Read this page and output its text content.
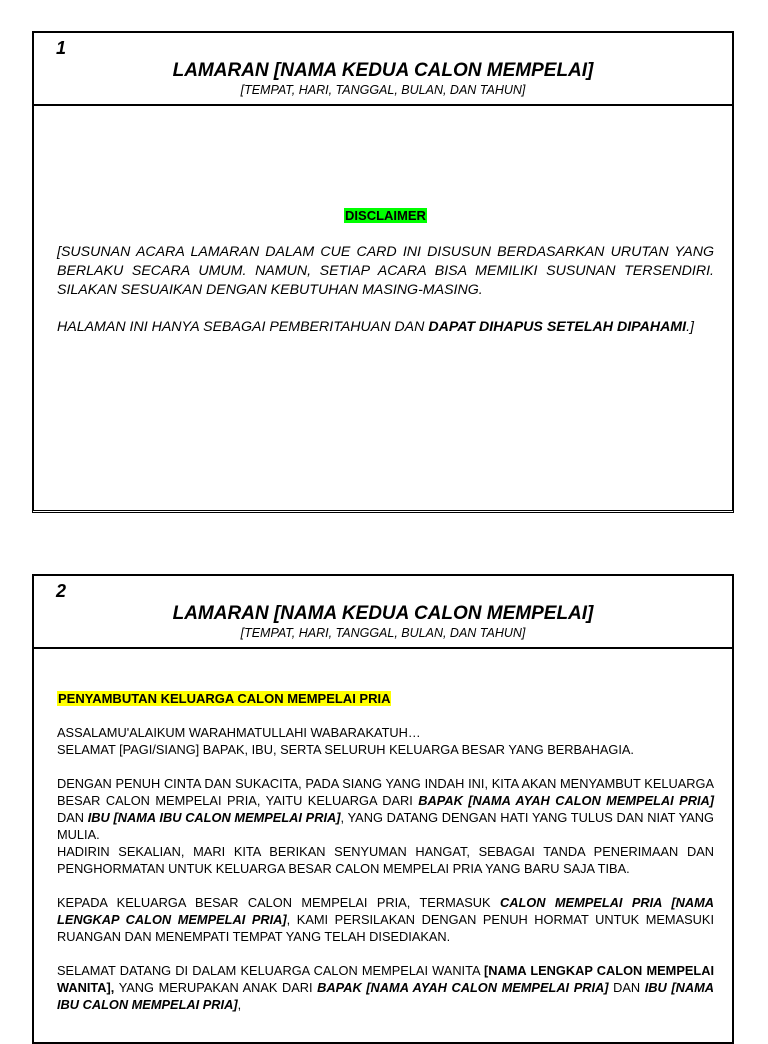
1
LAMARAN [NAMA KEDUA CALON MEMPELAI]
[TEMPAT, HARI, TANGGAL, BULAN, DAN TAHUN]
DISCLAIMER

[SUSUNAN ACARA LAMARAN DALAM CUE CARD INI DISUSUN BERDASARKAN URUTAN YANG BERLAKU SECARA UMUM. NAMUN, SETIAP ACARA BISA MEMILIKI SUSUNAN TERSENDIRI. SILAKAN SESUAIKAN DENGAN KEBUTUHAN MASING-MASING.

HALAMAN INI HANYA SEBAGAI PEMBERITAHUAN DAN DAPAT DIHAPUS SETELAH DIPAHAMI.]

2
LAMARAN [NAMA KEDUA CALON MEMPELAI]
[TEMPAT, HARI, TANGGAL, BULAN, DAN TAHUN]

PENYAMBUTAN KELUARGA CALON MEMPELAI PRIA

ASSALAMU'ALAIKUM WARAHMATULLAHI WABARAKATUH…

SELAMAT [PAGI/SIANG] BAPAK, IBU, SERTA SELURUH KELUARGA BESAR YANG BERBAHAGIA.

DENGAN PENUH CINTA DAN SUKACITA, PADA SIANG YANG INDAH INI, KITA AKAN MENYAMBUT KELUARGA BESAR CALON MEMPELAI PRIA, YAITU KELUARGA DARI BAPAK [NAMA AYAH CALON MEMPELAI PRIA] DAN IBU [NAMA IBU CALON MEMPELAI PRIA], YANG DATANG DENGAN HATI YANG TULUS DAN NIAT YANG MULIA.

HADIRIN SEKALIAN, MARI KITA BERIKAN SENYUMAN HANGAT, SEBAGAI TANDA PENERIMAAN DAN PENGHORMATAN UNTUK KELUARGA BESAR CALON MEMPELAI PRIA YANG BARU SAJA TIBA.

KEPADA KELUARGA BESAR CALON MEMPELAI PRIA, TERMASUK CALON MEMPELAI PRIA [NAMA LENGKAP CALON MEMPELAI PRIA], KAMI PERSILAKAN DENGAN PENUH HORMAT UNTUK MEMASUKI RUANGAN DAN MENEMPATI TEMPAT YANG TELAH DISEDIAKAN.

SELAMAT DATANG DI DALAM KELUARGA CALON MEMPELAI WANITA [NAMA LENGKAP CALON MEMPELAI WANITA], YANG MERUPAKAN ANAK DARI BAPAK [NAMA AYAH CALON MEMPELAI PRIA] DAN IBU [NAMA IBU CALON MEMPELAI PRIA],
